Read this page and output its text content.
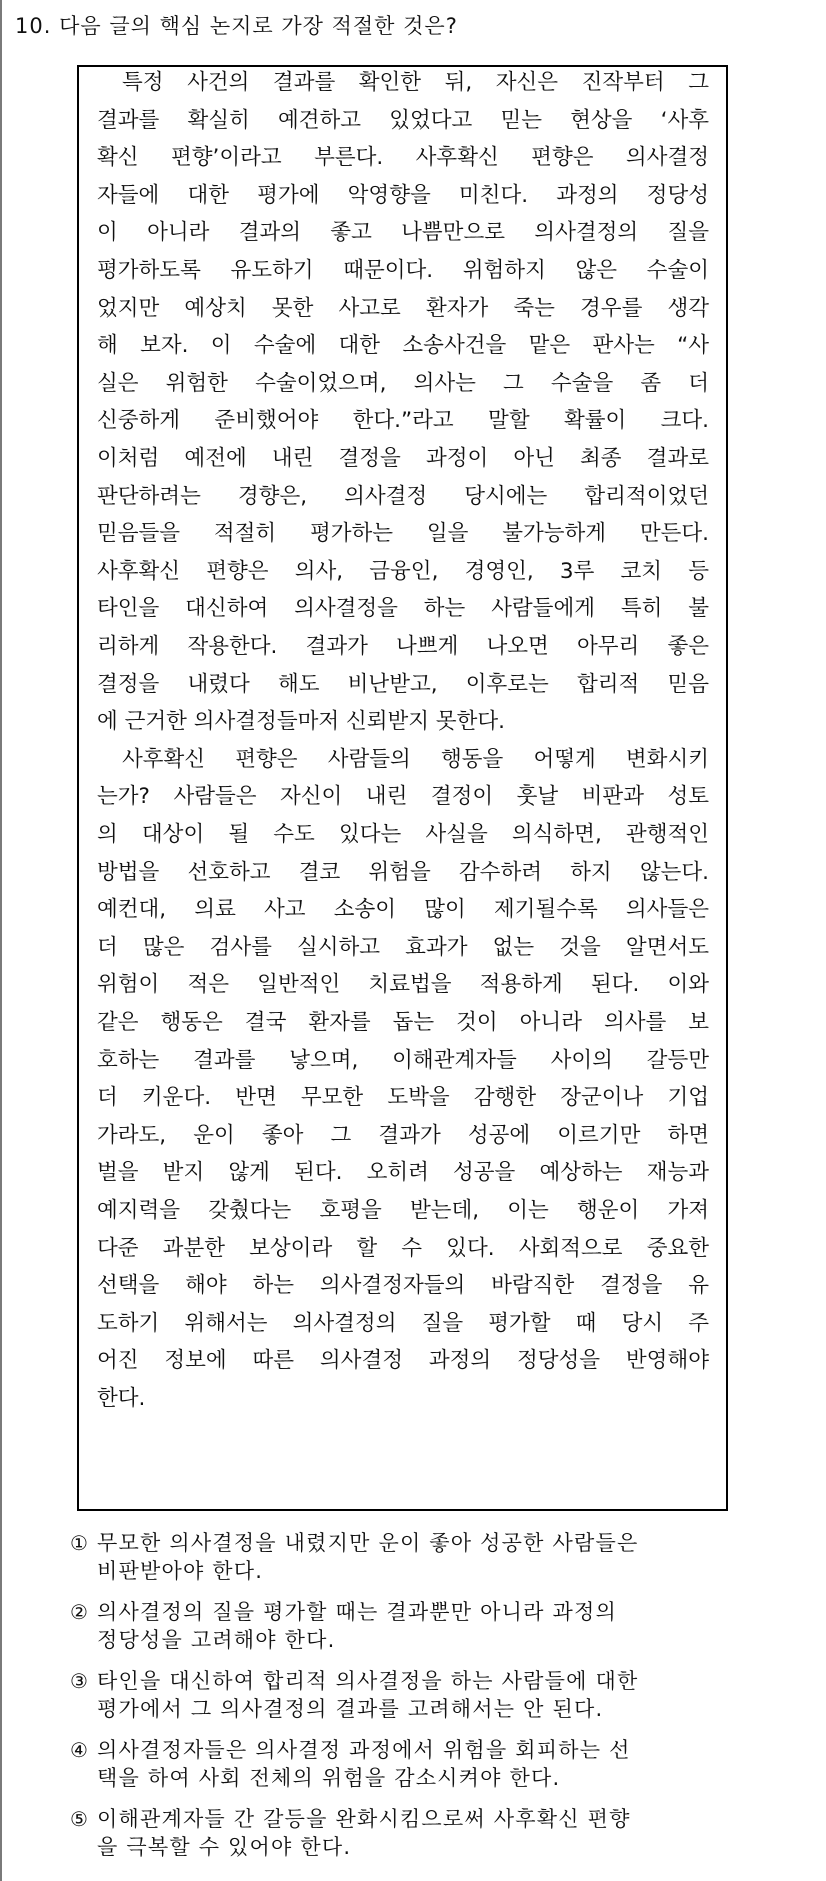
10. 다음 글의 핵심 논지로 가장 적절한 것은?
특정 사건의 결과를 확인한 뒤, 자신은 진작부터 그
결과를 확실히 예견하고 있었다고 믿는 현상을 ‘사후
확신 편향’이라고 부른다. 사후확신 편향은 의사결정
자들에 대한 평가에 악영향을 미친다. 과정의 정당성
이 아니라 결과의 좋고 나쁨만으로 의사결정의 질을
평가하도록 유도하기 때문이다. 위험하지 않은 수술이
었지만 예상치 못한 사고로 환자가 죽는 경우를 생각
해 보자. 이 수술에 대한 소송사건을 맡은 판사는 “사
실은 위험한 수술이었으며, 의사는 그 수술을 좀 더
신중하게 준비했어야 한다.”라고 말할 확률이 크다.
이처럼 예전에 내린 결정을 과정이 아닌 최종 결과로
판단하려는 경향은, 의사결정 당시에는 합리적이었던
믿음들을 적절히 평가하는 일을 불가능하게 만든다.
사후확신 편향은 의사, 금융인, 경영인, 3루 코치 등
타인을 대신하여 의사결정을 하는 사람들에게 특히 불
리하게 작용한다. 결과가 나쁘게 나오면 아무리 좋은
결정을 내렸다 해도 비난받고, 이후로는 합리적 믿음
에 근거한 의사결정들마저 신뢰받지 못한다.
사후확신 편향은 사람들의 행동을 어떻게 변화시키
는가? 사람들은 자신이 내린 결정이 훗날 비판과 성토
의 대상이 될 수도 있다는 사실을 의식하면, 관행적인
방법을 선호하고 결코 위험을 감수하려 하지 않는다.
예컨대, 의료 사고 소송이 많이 제기될수록 의사들은
더 많은 검사를 실시하고 효과가 없는 것을 알면서도
위험이 적은 일반적인 치료법을 적용하게 된다. 이와
같은 행동은 결국 환자를 돕는 것이 아니라 의사를 보
호하는 결과를 낳으며, 이해관계자들 사이의 갈등만
더 키운다. 반면 무모한 도박을 감행한 장군이나 기업
가라도, 운이 좋아 그 결과가 성공에 이르기만 하면
벌을 받지 않게 된다. 오히려 성공을 예상하는 재능과
예지력을 갖췄다는 호평을 받는데, 이는 행운이 가져
다준 과분한 보상이라 할 수 있다. 사회적으로 중요한
선택을 해야 하는 의사결정자들의 바람직한 결정을 유
도하기 위해서는 의사결정의 질을 평가할 때 당시 주
어진 정보에 따른 의사결정 과정의 정당성을 반영해야
한다.
① 무모한 의사결정을 내렸지만 운이 좋아 성공한 사람들은
비판받아야 한다.
② 의사결정의 질을 평가할 때는 결과뿐만 아니라 과정의
정당성을 고려해야 한다.
③ 타인을 대신하여 합리적 의사결정을 하는 사람들에 대한
평가에서 그 의사결정의 결과를 고려해서는 안 된다.
④ 의사결정자들은 의사결정 과정에서 위험을 회피하는 선
택을 하여 사회 전체의 위험을 감소시켜야 한다.
⑤ 이해관계자들 간 갈등을 완화시킴으로써 사후확신 편향
을 극복할 수 있어야 한다.
